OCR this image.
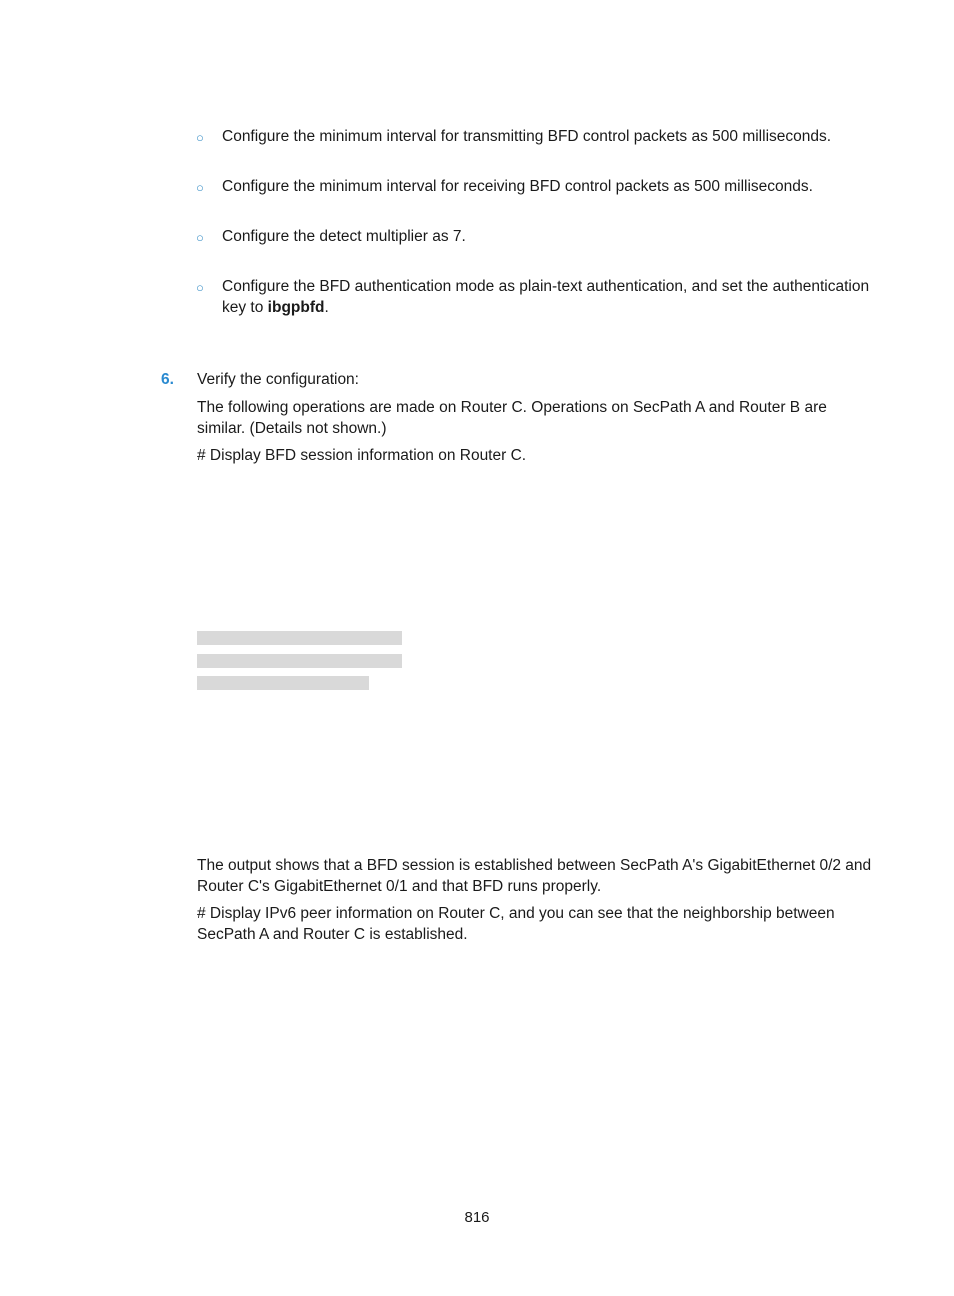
○ Configure the minimum interval for transmitting BFD control packets as 500 milliseconds.
○ Configure the minimum interval for receiving BFD control packets as 500 milliseconds.
○ Configure the detect multiplier as 7.
○ Configure the BFD authentication mode as plain-text authentication, and set the authentication key to ibgpbfd.
6. Verify the configuration:
The following operations are made on Router C. Operations on SecPath A and Router B are similar. (Details not shown.)
# Display BFD session information on Router C.
The output shows that a BFD session is established between SecPath A's GigabitEthernet 0/2 and Router C's GigabitEthernet 0/1 and that BFD runs properly.
# Display IPv6 peer information on Router C, and you can see that the neighborship between SecPath A and Router C is established.
816
